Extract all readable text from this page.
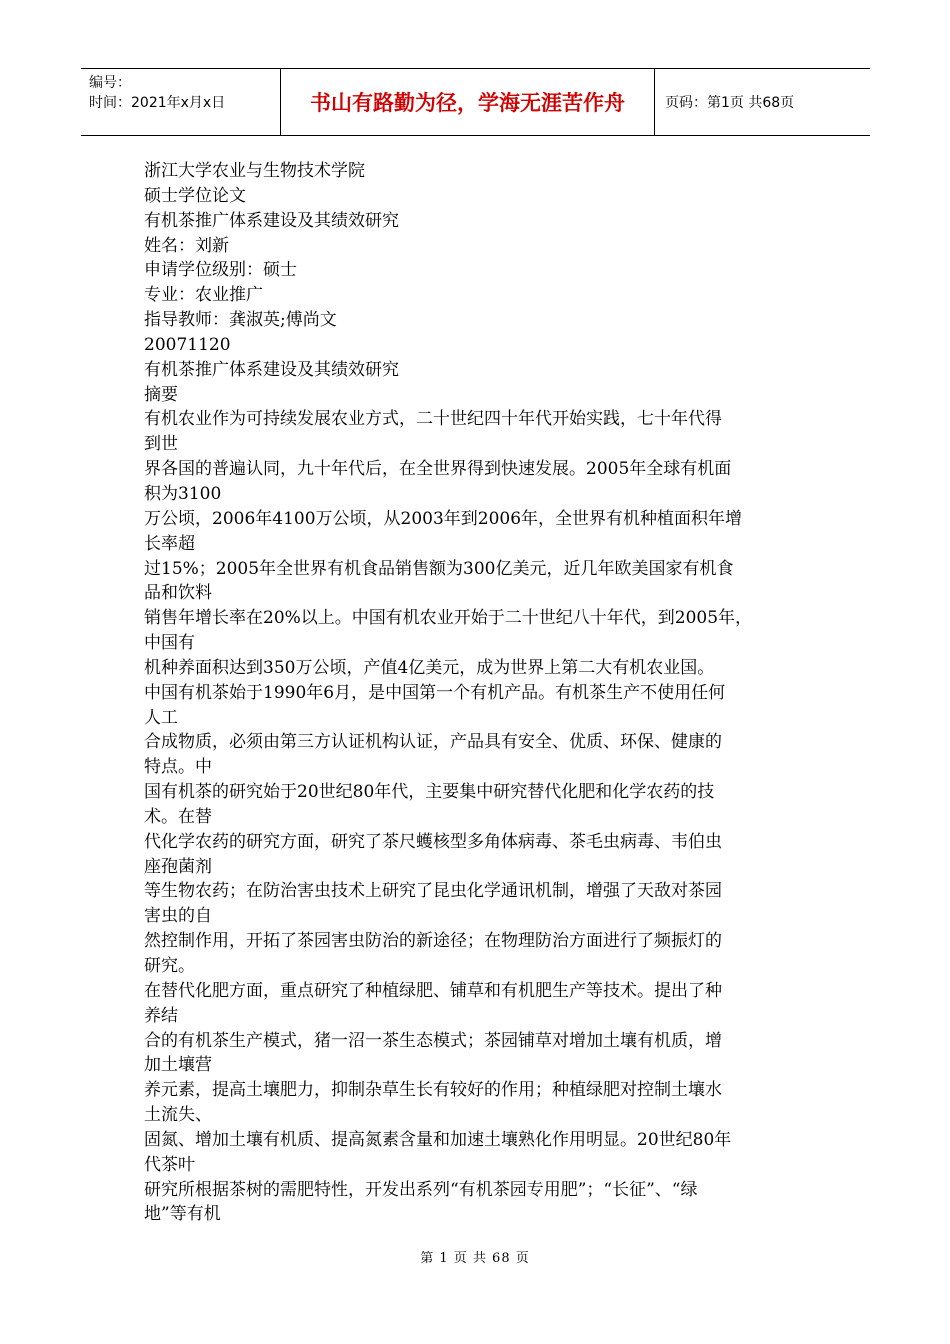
编号：
时间：2021年x月x日	书山有路勤为径，学海无涯苦作舟	页码：第1页 共68页
浙江大学农业与生物技术学院
硕士学位论文
有机茶推广体系建设及其绩效研究
姓名：刘新
申请学位级别：硕士
专业：农业推广
指导教师：龚淑英;傅尚文
20071120
有机茶推广体系建设及其绩效研究
摘要
有机农业作为可持续发展农业方式，二十世纪四十年代开始实践，七十年代得
到世
界各国的普遍认同，九十年代后，在全世界得到快速发展。2005年全球有机面
积为3100
万公顷，2006年4100万公顷，从2003年到2006年，全世界有机种植面积年增
长率超
过15%；2005年全世界有机食品销售额为300亿美元，近几年欧美国家有机食
品和饮料
销售年增长率在20%以上。中国有机农业开始于二十世纪八十年代，到2005年，
中国有
机种养面积达到350万公顷，产值4亿美元，成为世界上第二大有机农业国。
中国有机茶始于1990年6月，是中国第一个有机产品。有机茶生产不使用任何
人工
合成物质，必须由第三方认证机构认证，产品具有安全、优质、环保、健康的
特点。中
国有机茶的研究始于20世纪80年代，主要集中研究替代化肥和化学农药的技
术。在替
代化学农药的研究方面，研究了茶尺蠖核型多角体病毒、茶毛虫病毒、韦伯虫
座孢菌剂
等生物农药；在防治害虫技术上研究了昆虫化学通讯机制，增强了天敌对茶园
害虫的自
然控制作用，开拓了茶园害虫防治的新途径；在物理防治方面进行了频振灯的
研究。
在替代化肥方面，重点研究了种植绿肥、铺草和有机肥生产等技术。提出了种
养结
合的有机茶生产模式，猪一沼一茶生态模式；茶园铺草对增加土壤有机质，增
加土壤营
养元素，提高土壤肥力，抑制杂草生长有较好的作用；种植绿肥对控制土壤水
土流失、
固氮、增加土壤有机质、提高氮素含量和加速土壤熟化作用明显。20世纪80年
代茶叶
研究所根据茶树的需肥特性，开发出系列“有机茶园专用肥”；“长征”、“绿
地”等有机
第 1 页 共 68 页
